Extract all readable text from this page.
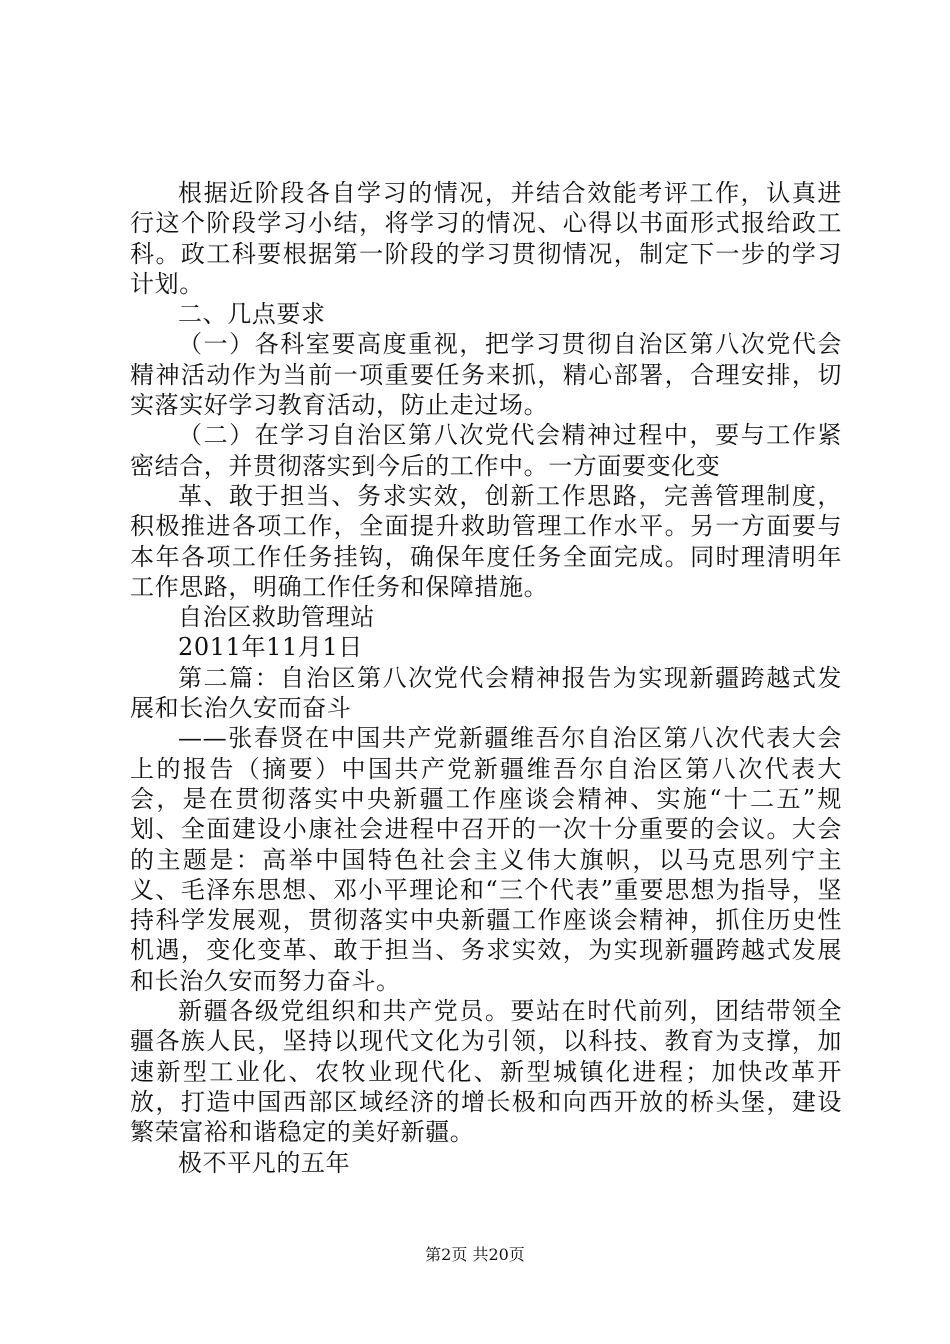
根据近阶段各自学习的情况，并结合效能考评工作，认真进行这个阶段学习小结，将学习的情况、心得以书面形式报给政工科。政工科要根据第一阶段的学习贯彻情况，制定下一步的学习计划。

二、几点要求

（一）各科室要高度重视，把学习贯彻自治区第八次党代会精神活动作为当前一项重要任务来抓，精心部署，合理安排，切实落实好学习教育活动，防止走过场。

（二）在学习自治区第八次党代会精神过程中，要与工作紧密结合，并贯彻落实到今后的工作中。一方面要变化变

革、敢于担当、务求实效，创新工作思路，完善管理制度，积极推进各项工作，全面提升救助管理工作水平。另一方面要与本年各项工作任务挂钩，确保年度任务全面完成。同时理清明年工作思路，明确工作任务和保障措施。

自治区救助管理站

2011年11月1日

第二篇：自治区第八次党代会精神报告为实现新疆跨越式发展和长治久安而奋斗

——张春贤在中国共产党新疆维吾尔自治区第八次代表大会上的报告（摘要）中国共产党新疆维吾尔自治区第八次代表大会，是在贯彻落实中央新疆工作座谈会精神、实施“十二五”规划、全面建设小康社会进程中召开的一次十分重要的会议。大会的主题是：高举中国特色社会主义伟大旗帜，以马克思列宁主义、毛泽东思想、邓小平理论和“三个代表”重要思想为指导，坚持科学发展观，贯彻落实中央新疆工作座谈会精神，抓住历史性机遇，变化变革、敢于担当、务求实效，为实现新疆跨越式发展和长治久安而努力奋斗。

新疆各级党组织和共产党员。要站在时代前列，团结带领全疆各族人民，坚持以现代文化为引领，以科技、教育为支撑，加速新型工业化、农牧业现代化、新型城镇化进程；加快改革开放，打造中国西部区域经济的增长极和向西开放的桥头堡，建设繁荣富裕和谐稳定的美好新疆。

极不平凡的五年

第2页 共20页
